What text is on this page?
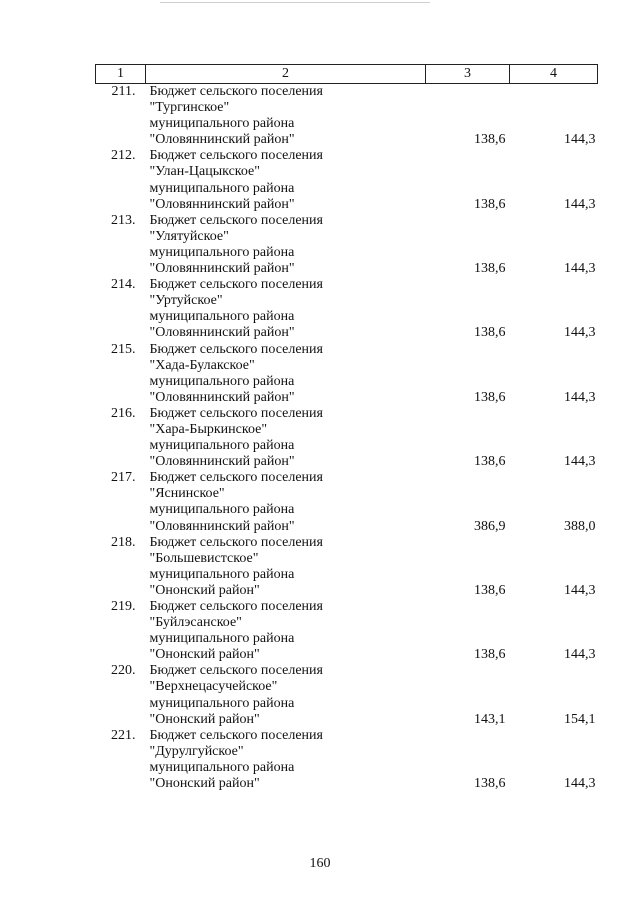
1	2	3	4
211.	Бюджет сельского поселения
"Тургинское"
муниципального района
"Оловяннинский район"	138,6	144,3
212.	Бюджет сельского поселения
"Улан-Цацыкское"
муниципального района
"Оловяннинский район"	138,6	144,3
213.	Бюджет сельского поселения
"Улятуйское"
муниципального района
"Оловяннинский район"	138,6	144,3
214.	Бюджет сельского поселения
"Уртуйское"
муниципального района
"Оловяннинский район"	138,6	144,3
215.	Бюджет сельского поселения
"Хада-Булакское"
муниципального района
"Оловяннинский район"	138,6	144,3
216.	Бюджет сельского поселения
"Хара-Быркинское"
муниципального района
"Оловяннинский район"	138,6	144,3
217.	Бюджет сельского поселения
"Яснинское"
муниципального района
"Оловяннинский район"	386,9	388,0
218.	Бюджет сельского поселения
"Большевистское"
муниципального района
"Ононский район"	138,6	144,3
219.	Бюджет сельского поселения
"Буйлэсанское"
муниципального района
"Ононский район"	138,6	144,3
220.	Бюджет сельского поселения
"Верхнецасучейское"
муниципального района
"Ононский район"	143,1	154,1
221.	Бюджет сельского поселения
"Дурулгуйское"
муниципального района
"Ононский район"	138,6	144,3
160
